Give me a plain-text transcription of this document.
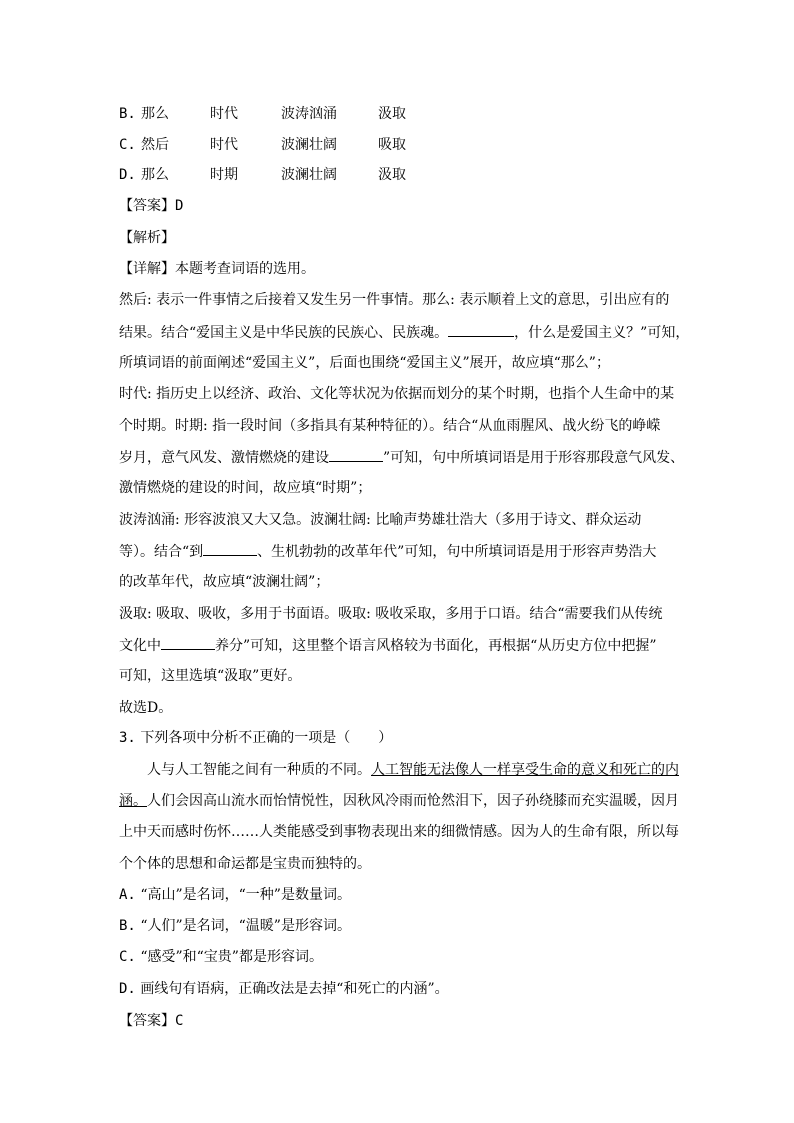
B. 那么	时代	波涛汹涌	汲取
C. 然后	时代	波澜壮阔	吸取
D. 那么	时期	波澜壮阔	汲取
【答案】D
【解析】
【详解】本题考查词语的选用。
然后: 表示一件事情之后接着又发生另一件事情。那么: 表示顺着上文的意思，引出应有的
结果。结合“爱国主义是中华民族的民族心、民族魂。	，什么是爱国主义？”可知，
所填词语的前面阐述“爱国主义”，后面也围绕“爱国主义”展开，故应填“那么”；
时代: 指历史上以经济、政治、文化等状况为依据而划分的某个时期，也指个人生命中的某
个时期。时期: 指一段时间（多指具有某种特征的）。结合“从血雨腥风、战火纷飞的峥嵘
岁月，意气风发、激情燃烧的建设	”可知，句中所填词语是用于形容那段意气风发、
激情燃烧的建设的时间，故应填“时期”；
波涛汹涌: 形容波浪又大又急。波澜壮阔: 比喻声势雄壮浩大（多用于诗文、群众运动
等）。结合“到	、生机勃勃的改革年代”可知，句中所填词语是用于形容声势浩大
的改革年代，故应填“波澜壮阔”；
汲取: 吸取、吸收，多用于书面语。吸取: 吸收采取，多用于口语。结合“需要我们从传统
文化中	养分”可知，这里整个语言风格较为书面化，再根据“从历史方位中把握”
可知，这里选填“汲取”更好。
故选D。
3. 下列各项中分析不正确的一项是（　　）
人与人工智能之间有一种质的不同。人工智能无法像人一样享受生命的意义和死亡的内
涵。人们会因高山流水而怡情悦性，因秋风冷雨而怆然泪下，因子孙绕膝而充实温暖，因月
上中天而感时伤怀……人类能感受到事物表现出来的细微情感。因为人的生命有限，所以每
个个体的思想和命运都是宝贵而独特的。
A. “高山”是名词，“一种”是数量词。
B. “人们”是名词，“温暖”是形容词。
C. “感受”和“宝贵”都是形容词。
D. 画线句有语病，正确改法是去掉“和死亡的内涵”。
【答案】C
